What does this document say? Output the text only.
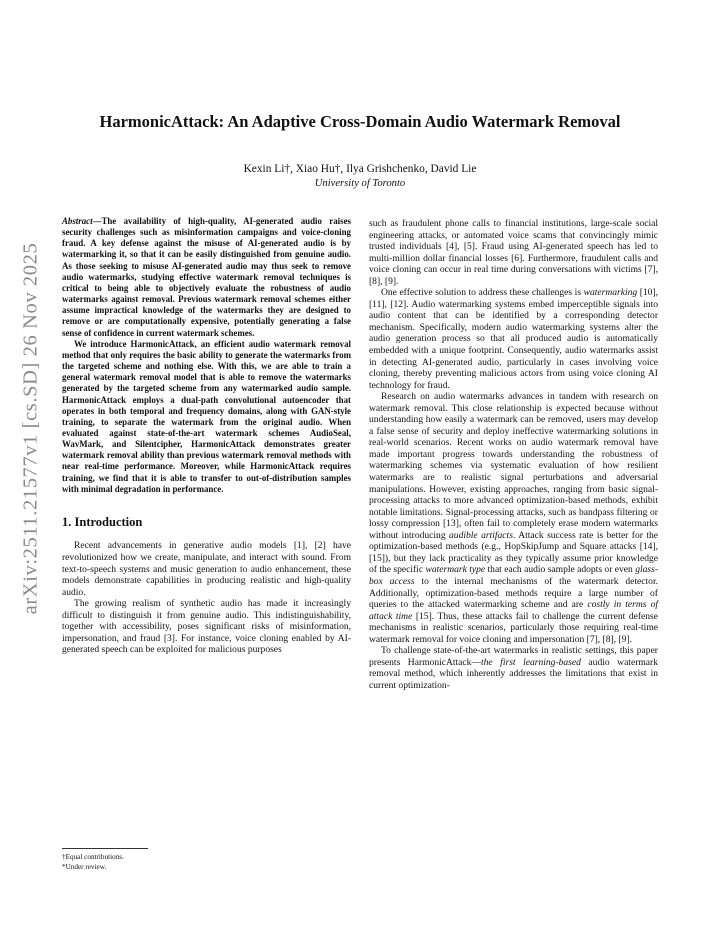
arXiv:2511.21577v1 [cs.SD] 26 Nov 2025
HarmonicAttack: An Adaptive Cross-Domain Audio Watermark Removal
Kexin Li†, Xiao Hu†, Ilya Grishchenko, David Lie
University of Toronto

Abstract—The availability of high-quality, AI-generated audio raises security challenges such as misinformation campaigns and voice-cloning fraud. A key defense against the misuse of AI-generated audio is by watermarking it, so that it can be easily distinguished from genuine audio. As those seeking to misuse AI-generated audio may thus seek to remove audio watermarks, studying effective watermark removal techniques is critical to being able to objectively evaluate the robustness of audio watermarks against removal. Previous watermark removal schemes either assume impractical knowledge of the watermarks they are designed to remove or are computationally expensive, potentially generating a false sense of confidence in current watermark schemes.

We introduce HarmonicAttack, an efficient audio watermark removal method that only requires the basic ability to generate the watermarks from the targeted scheme and nothing else. With this, we are able to train a general watermark removal model that is able to remove the watermarks generated by the targeted scheme from any watermarked audio sample. HarmonicAttack employs a dual-path convolutional autoencoder that operates in both temporal and frequency domains, along with GAN-style training, to separate the watermark from the original audio. When evaluated against state-of-the-art watermark schemes AudioSeal, WavMark, and Silentcipher, HarmonicAttack demonstrates greater watermark removal ability than previous watermark removal methods with near real-time performance. Moreover, while HarmonicAttack requires training, we find that it is able to transfer to out-of-distribution samples with minimal degradation in performance.

1. Introduction

Recent advancements in generative audio models [1], [2] have revolutionized how we create, manipulate, and interact with sound. From text-to-speech systems and music generation to audio enhancement, these models demonstrate capabilities in producing realistic and high-quality audio.

The growing realism of synthetic audio has made it increasingly difficult to distinguish it from genuine audio. This indistinguishability, together with accessibility, poses significant risks of misinformation, impersonation, and fraud [3]. For instance, voice cloning enabled by AI-generated speech can be exploited for malicious purposes

such as fraudulent phone calls to financial institutions, large-scale social engineering attacks, or automated voice scams that convincingly mimic trusted individuals [4], [5]. Fraud using AI-generated speech has led to multi-million dollar financial losses [6]. Furthermore, fraudulent calls and voice cloning can occur in real time during conversations with victims [7], [8], [9].

One effective solution to address these challenges is watermarking [10], [11], [12]. Audio watermarking systems embed imperceptible signals into audio content that can be identified by a corresponding detector mechanism. Specifically, modern audio watermarking systems alter the audio generation process so that all produced audio is automatically embedded with a unique footprint. Consequently, audio watermarks assist in detecting AI-generated audio, particularly in cases involving voice cloning, thereby preventing malicious actors from using voice cloning AI technology for fraud.

Research on audio watermarks advances in tandem with research on watermark removal. This close relationship is expected because without understanding how easily a watermark can be removed, users may develop a false sense of security and deploy ineffective watermarking solutions in real-world scenarios. Recent works on audio watermark removal have made important progress towards understanding the robustness of watermarking schemes via systematic evaluation of how resilient watermarks are to realistic signal perturbations and adversarial manipulations. However, existing approaches, ranging from basic signal-processing attacks to more advanced optimization-based methods, exhibit notable limitations. Signal-processing attacks, such as bandpass filtering or lossy compression [13], often fail to completely erase modern watermarks without introducing audible artifacts. Attack success rate is better for the optimization-based methods (e.g., HopSkipJump and Square attacks [14], [15]), but they lack practicality as they typically assume prior knowledge of the specific watermark type that each audio sample adopts or even glass-box access to the internal mechanisms of the watermark detector. Additionally, optimization-based methods require a large number of queries to the attacked watermarking scheme and are costly in terms of attack time [15]. Thus, these attacks fail to challenge the current defense mechanisms in realistic scenarios, particularly those requiring real-time watermark removal for voice cloning and impersonation [7], [8], [9].

To challenge state-of-the-art watermarks in realistic settings, this paper presents HarmonicAttack—the first learning-based audio watermark removal method, which inherently addresses the limitations that exist in current optimization-

†Equal contributions.
*Under review.
